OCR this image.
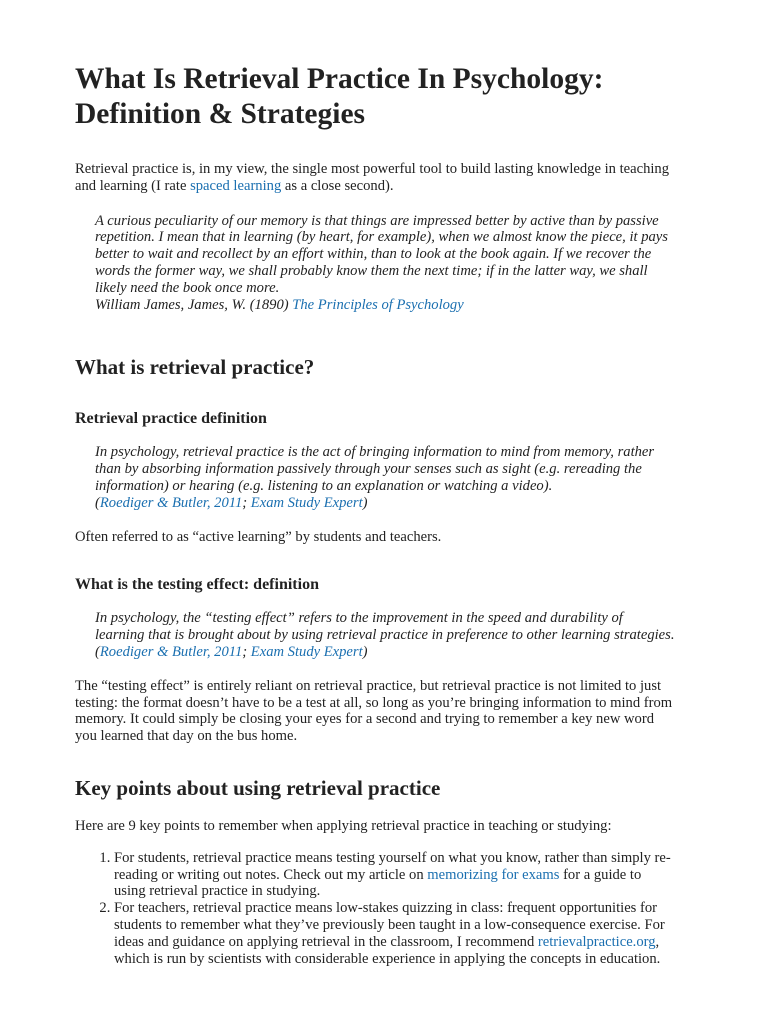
What Is Retrieval Practice In Psychology: Definition & Strategies

Retrieval practice is, in my view, the single most powerful tool to build lasting knowledge in teaching and learning (I rate spaced learning as a close second).

A curious peculiarity of our memory is that things are impressed better by active than by passive repetition. I mean that in learning (by heart, for example), when we almost know the piece, it pays better to wait and recollect by an effort within, than to look at the book again. If we recover the words the former way, we shall probably know them the next time; if in the latter way, we shall likely need the book once more.
William James, James, W. (1890) The Principles of Psychology
What is retrieval practice?
Retrieval practice definition
In psychology, retrieval practice is the act of bringing information to mind from memory, rather than by absorbing information passively through your senses such as sight (e.g. rereading the information) or hearing (e.g. listening to an explanation or watching a video).
(Roediger & Butler, 2011; Exam Study Expert)

Often referred to as “active learning” by students and teachers.

What is the testing effect: definition
In psychology, the “testing effect” refers to the improvement in the speed and durability of learning that is brought about by using retrieval practice in preference to other learning strategies.
(Roediger & Butler, 2011; Exam Study Expert)

The “testing effect” is entirely reliant on retrieval practice, but retrieval practice is not limited to just testing: the format doesn’t have to be a test at all, so long as you’re bringing information to mind from memory. It could simply be closing your eyes for a second and trying to remember a key new word you learned that day on the bus home.

Key points about using retrieval practice

Here are 9 key points to remember when applying retrieval practice in teaching or studying:

1. For students, retrieval practice means testing yourself on what you know, rather than simply re-reading or writing out notes. Check out my article on memorizing for exams for a guide to using retrieval practice in studying.
2. For teachers, retrieval practice means low-stakes quizzing in class: frequent opportunities for students to remember what they’ve previously been taught in a low-consequence exercise. For ideas and guidance on applying retrieval in the classroom, I recommend retrievalpractice.org, which is run by scientists with considerable experience in applying the concepts in education.
